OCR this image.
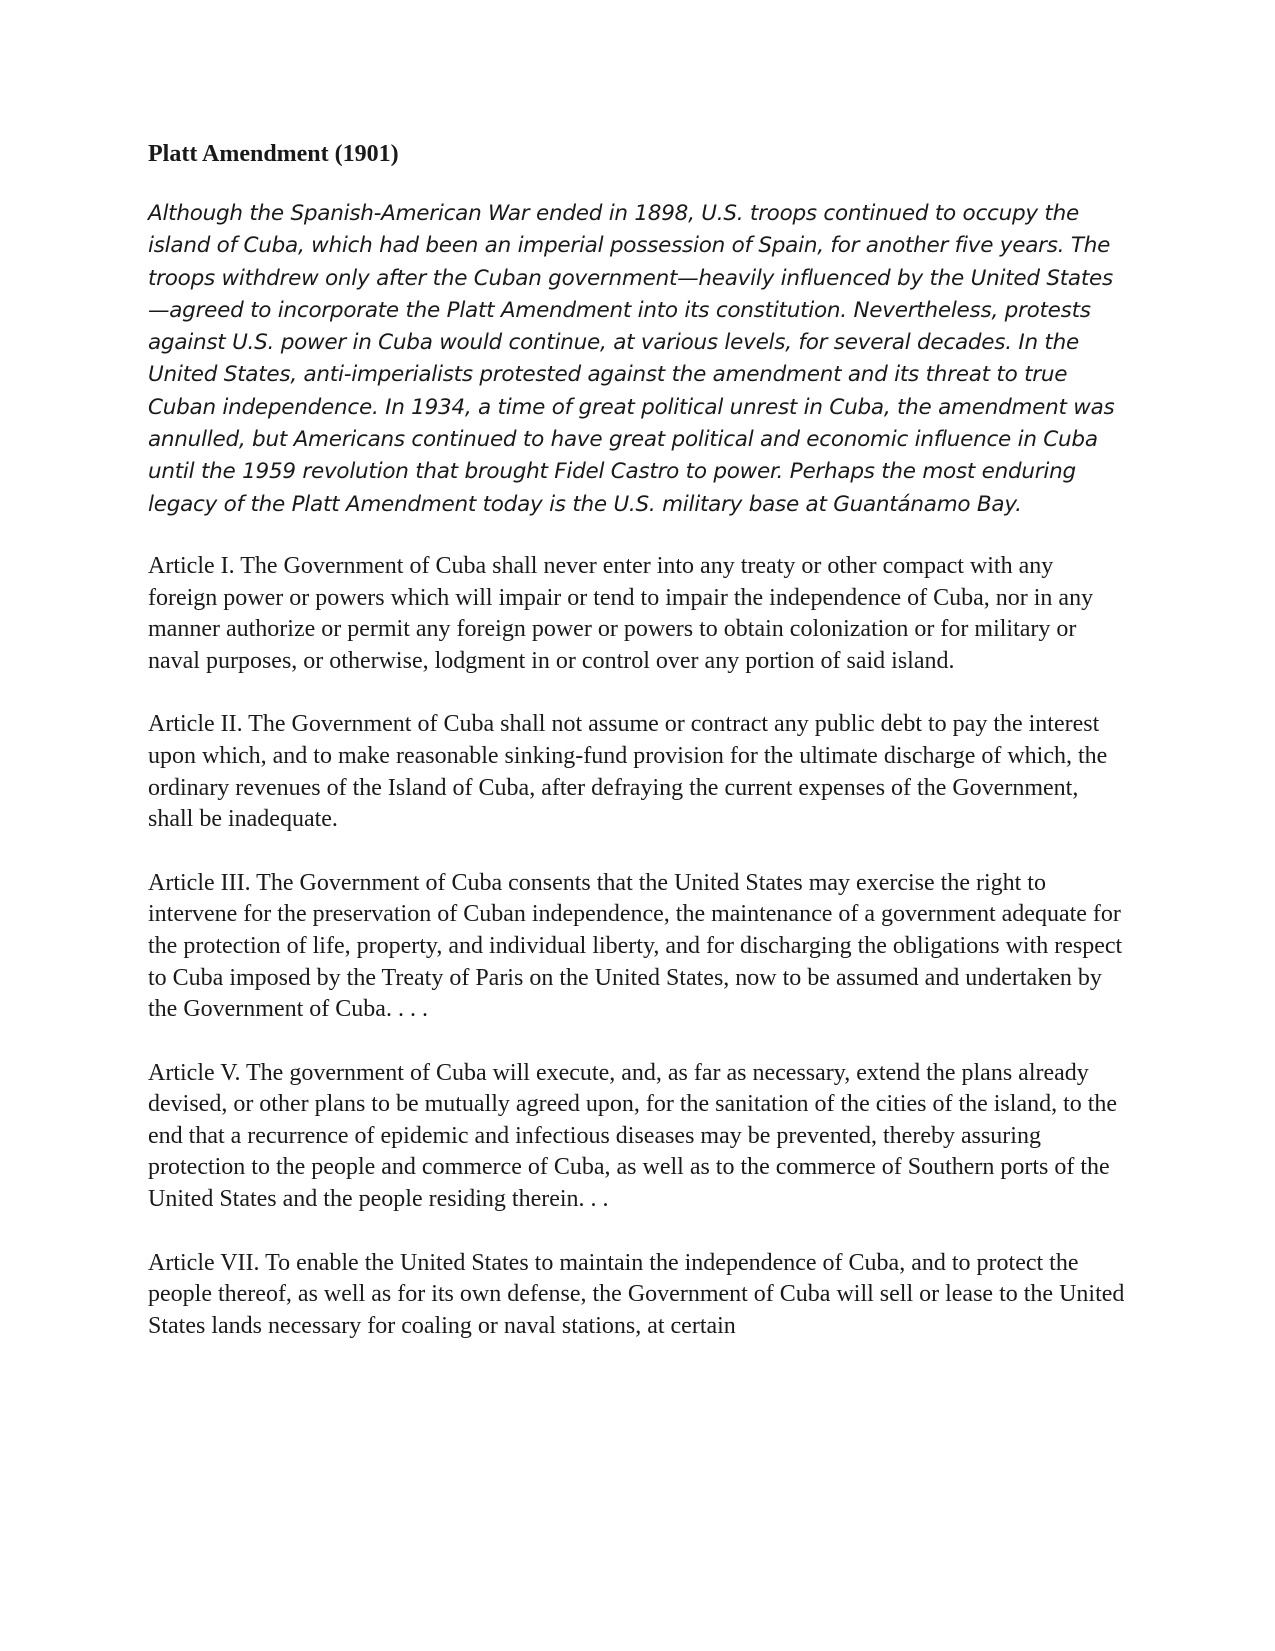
Platt Amendment (1901)

Although the Spanish-American War ended in 1898, U.S. troops continued to occupy the island of Cuba, which had been an imperial possession of Spain, for another five years. The troops withdrew only after the Cuban government—heavily influenced by the United States—agreed to incorporate the Platt Amendment into its constitution. Nevertheless, protests against U.S. power in Cuba would continue, at various levels, for several decades. In the United States, anti-imperialists protested against the amendment and its threat to true Cuban independence. In 1934, a time of great political unrest in Cuba, the amendment was annulled, but Americans continued to have great political and economic influence in Cuba until the 1959 revolution that brought Fidel Castro to power. Perhaps the most enduring legacy of the Platt Amendment today is the U.S. military base at Guantánamo Bay.

Article I. The Government of Cuba shall never enter into any treaty or other compact with any foreign power or powers which will impair or tend to impair the independence of Cuba, nor in any manner authorize or permit any foreign power or powers to obtain colonization or for military or naval purposes, or otherwise, lodgment in or control over any portion of said island.

Article II. The Government of Cuba shall not assume or contract any public debt to pay the interest upon which, and to make reasonable sinking-fund provision for the ultimate discharge of which, the ordinary revenues of the Island of Cuba, after defraying the current expenses of the Government, shall be inadequate.

Article III. The Government of Cuba consents that the United States may exercise the right to intervene for the preservation of Cuban independence, the maintenance of a government adequate for the protection of life, property, and individual liberty, and for discharging the obligations with respect to Cuba imposed by the Treaty of Paris on the United States, now to be assumed and undertaken by the Government of Cuba. . . .

Article V. The government of Cuba will execute, and, as far as necessary, extend the plans already devised, or other plans to be mutually agreed upon, for the sanitation of the cities of the island, to the end that a recurrence of epidemic and infectious diseases may be prevented, thereby assuring protection to the people and commerce of Cuba, as well as to the commerce of Southern ports of the United States and the people residing therein. . .

Article VII. To enable the United States to maintain the independence of Cuba, and to protect the people thereof, as well as for its own defense, the Government of Cuba will sell or lease to the United States lands necessary for coaling or naval stations, at certain
